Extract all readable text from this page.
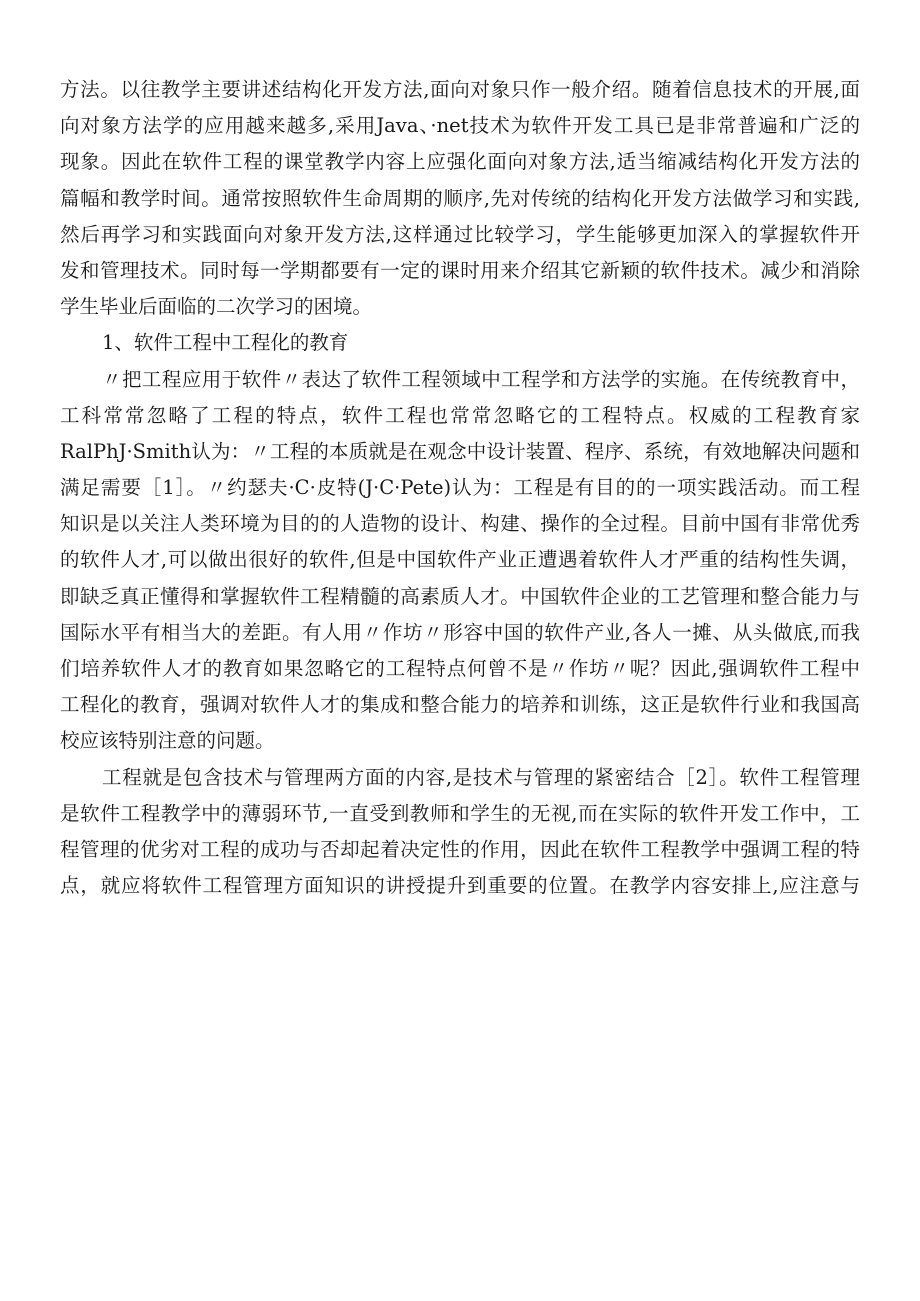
方法。以往教学主要讲述结构化开发方法,面向对象只作一般介绍。随着信息技术的开展,面
向对象方法学的应用越来越多,采用Java、·net技术为软件开发工具已是非常普遍和广泛的
现象。因此在软件工程的课堂教学内容上应强化面向对象方法,适当缩减结构化开发方法的
篇幅和教学时间。通常按照软件生命周期的顺序,先对传统的结构化开发方法做学习和实践,
然后再学习和实践面向对象开发方法,这样通过比较学习，学生能够更加深入的掌握软件开
发和管理技术。同时每一学期都要有一定的课时用来介绍其它新颖的软件技术。减少和消除
学生毕业后面临的二次学习的困境。
1、软件工程中工程化的教育
〃把工程应用于软件〃表达了软件工程领域中工程学和方法学的实施。在传统教育中，
工科常常忽略了工程的特点，软件工程也常常忽略它的工程特点。权威的工程教育家
RalPhJ·Smith认为：〃工程的本质就是在观念中设计装置、程序、系统，有效地解决问题和
满足需要［1］。〃约瑟夫·C·皮特(J·C·Pete)认为：工程是有目的的一项实践活动。而工程
知识是以关注人类环境为目的的人造物的设计、构建、操作的全过程。目前中国有非常优秀
的软件人才,可以做出很好的软件,但是中国软件产业正遭遇着软件人才严重的结构性失调，
即缺乏真正懂得和掌握软件工程精髓的高素质人才。中国软件企业的工艺管理和整合能力与
国际水平有相当大的差距。有人用〃作坊〃形容中国的软件产业,各人一摊、从头做底,而我
们培养软件人才的教育如果忽略它的工程特点何曾不是〃作坊〃呢？因此,强调软件工程中
工程化的教育，强调对软件人才的集成和整合能力的培养和训练，这正是软件行业和我国高
校应该特别注意的问题。
工程就是包含技术与管理两方面的内容,是技术与管理的紧密结合［2］。软件工程管理
是软件工程教学中的薄弱环节,一直受到教师和学生的无视,而在实际的软件开发工作中，工
程管理的优劣对工程的成功与否却起着决定性的作用，因此在软件工程教学中强调工程的特
点，就应将软件工程管理方面知识的讲授提升到重要的位置。在教学内容安排上,应注意与
